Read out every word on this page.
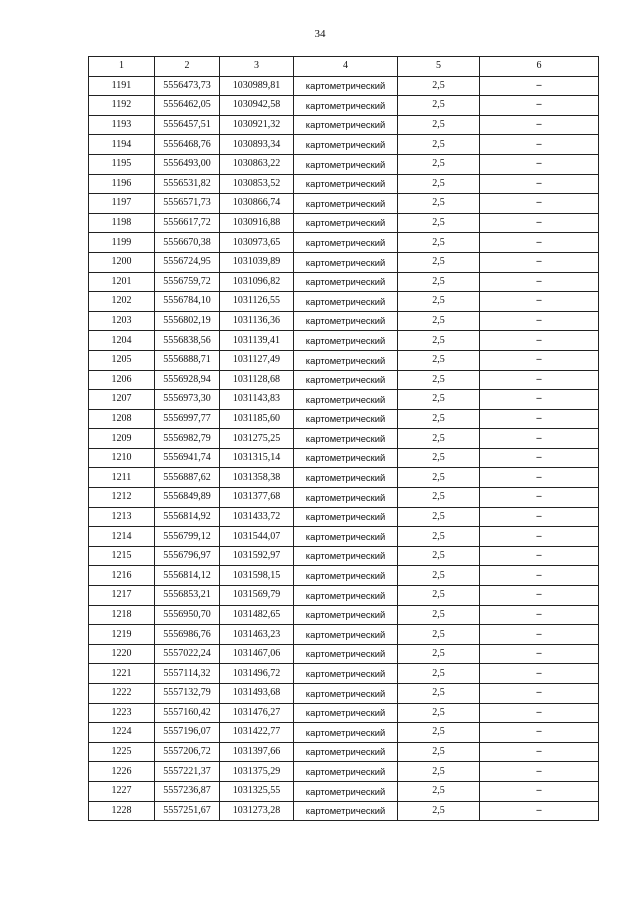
34
1	2	3	4	5	6
1191	5556473,73	1030989,81	картометрический	2,5	–
1192	5556462,05	1030942,58	картометрический	2,5	–
1193	5556457,51	1030921,32	картометрический	2,5	–
1194	5556468,76	1030893,34	картометрический	2,5	–
1195	5556493,00	1030863,22	картометрический	2,5	–
1196	5556531,82	1030853,52	картометрический	2,5	–
1197	5556571,73	1030866,74	картометрический	2,5	–
1198	5556617,72	1030916,88	картометрический	2,5	–
1199	5556670,38	1030973,65	картометрический	2,5	–
1200	5556724,95	1031039,89	картометрический	2,5	–
1201	5556759,72	1031096,82	картометрический	2,5	–
1202	5556784,10	1031126,55	картометрический	2,5	–
1203	5556802,19	1031136,36	картометрический	2,5	–
1204	5556838,56	1031139,41	картометрический	2,5	–
1205	5556888,71	1031127,49	картометрический	2,5	–
1206	5556928,94	1031128,68	картометрический	2,5	–
1207	5556973,30	1031143,83	картометрический	2,5	–
1208	5556997,77	1031185,60	картометрический	2,5	–
1209	5556982,79	1031275,25	картометрический	2,5	–
1210	5556941,74	1031315,14	картометрический	2,5	–
1211	5556887,62	1031358,38	картометрический	2,5	–
1212	5556849,89	1031377,68	картометрический	2,5	–
1213	5556814,92	1031433,72	картометрический	2,5	–
1214	5556799,12	1031544,07	картометрический	2,5	–
1215	5556796,97	1031592,97	картометрический	2,5	–
1216	5556814,12	1031598,15	картометрический	2,5	–
1217	5556853,21	1031569,79	картометрический	2,5	–
1218	5556950,70	1031482,65	картометрический	2,5	–
1219	5556986,76	1031463,23	картометрический	2,5	–
1220	5557022,24	1031467,06	картометрический	2,5	–
1221	5557114,32	1031496,72	картометрический	2,5	–
1222	5557132,79	1031493,68	картометрический	2,5	–
1223	5557160,42	1031476,27	картометрический	2,5	–
1224	5557196,07	1031422,77	картометрический	2,5	–
1225	5557206,72	1031397,66	картометрический	2,5	–
1226	5557221,37	1031375,29	картометрический	2,5	–
1227	5557236,87	1031325,55	картометрический	2,5	–
1228	5557251,67	1031273,28	картометрический	2,5	–
